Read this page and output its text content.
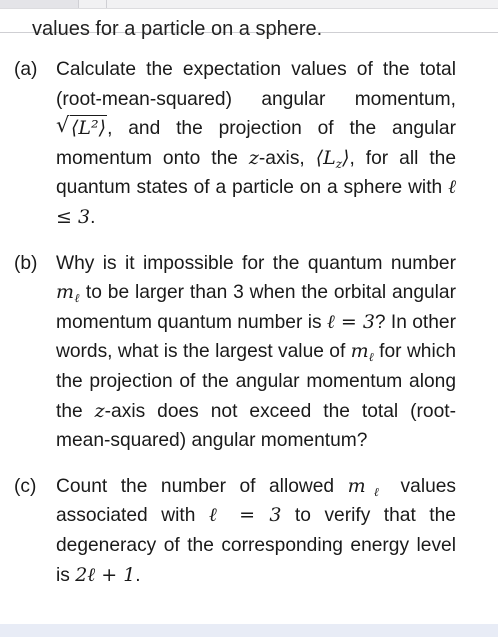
values for a particle on a sphere.
(a) Calculate the expectation values of the total (root-mean-squared) angular momentum,
√ ⟨L²⟩, and the projection of the angular momentum onto the z-axis, $⟨L_z⟩$, for all the quantum states of a particle on a sphere with ℓ ≤ 3.
(b) Why is it impossible for the quantum number $m_\ell$ to be larger than 3 when the orbital angular momentum quantum number is ℓ = 3? In other words, what is the largest value of $m_\ell$ for which the projection of the angular momentum along the z-axis does not exceed the total (root-mean-squared) angular momentum?
(c)	Count the number of allowed $m_\ell$ values associated with ℓ = 3 to verify that the degeneracy of the corresponding energy level is 2ℓ + 1.
